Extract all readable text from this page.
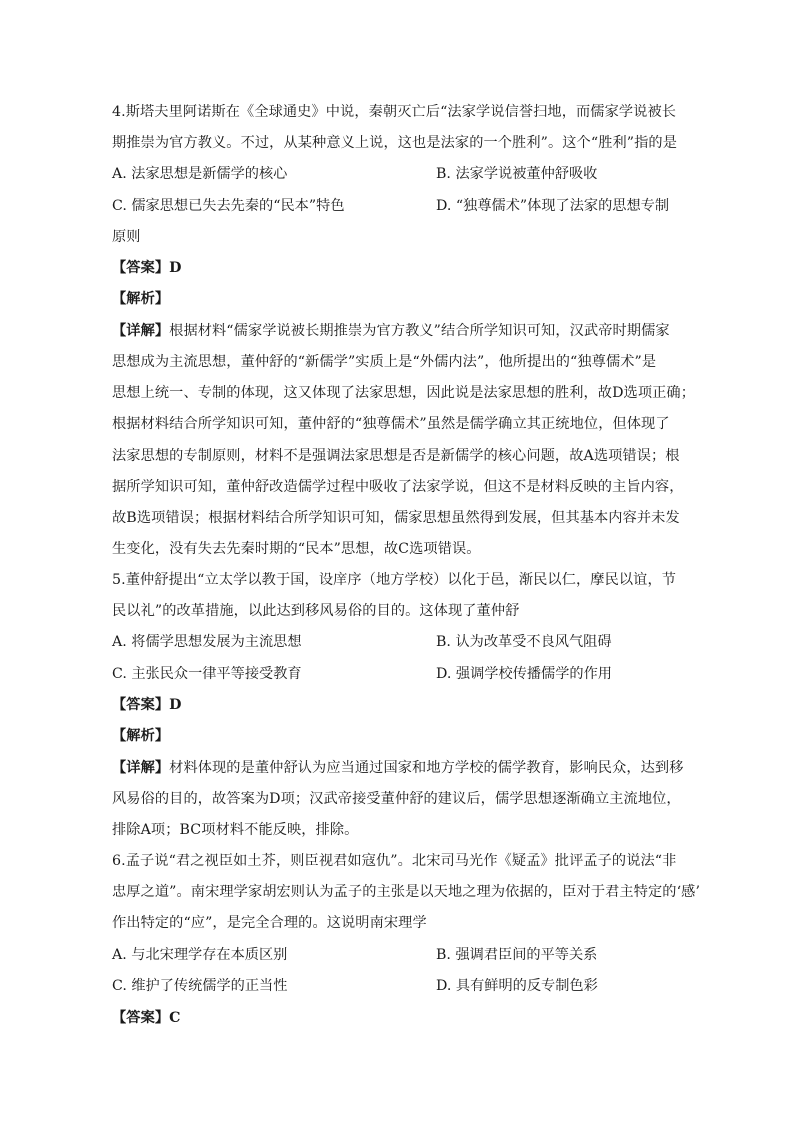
4.斯塔夫里阿诺斯在《全球通史》中说，秦朝灭亡后“法家学说信誉扫地，而儒家学说被长
期推崇为官方教义。不过，从某种意义上说，这也是法家的一个胜利”。这个“胜利”指的是
A. 法家思想是新儒学的核心	B. 法家学说被董仲舒吸收
C. 儒家思想已失去先秦的“民本”特色	D. “独尊儒术”体现了法家的思想专制
原则
【答案】D
【解析】
【详解】根据材料“儒家学说被长期推崇为官方教义”结合所学知识可知，汉武帝时期儒家
思想成为主流思想，董仲舒的“新儒学”实质上是“外儒内法”，他所提出的“独尊儒术”是
思想上统一、专制的体现，这又体现了法家思想，因此说是法家思想的胜利，故D选项正确；
根据材料结合所学知识可知，董仲舒的“独尊儒术”虽然是儒学确立其正统地位，但体现了
法家思想的专制原则，材料不是强调法家思想是否是新儒学的核心问题，故A选项错误；根
据所学知识可知，董仲舒改造儒学过程中吸收了法家学说，但这不是材料反映的主旨内容，
故B选项错误；根据材料结合所学知识可知，儒家思想虽然得到发展，但其基本内容并未发
生变化，没有失去先秦时期的“民本”思想，故C选项错误。
5.董仲舒提出“立太学以教于国，设庠序（地方学校）以化于邑，渐民以仁，摩民以谊，节
民以礼”的改革措施，以此达到移风易俗的目的。这体现了董仲舒
A. 将儒学思想发展为主流思想	B. 认为改革受不良风气阻碍
C. 主张民众一律平等接受教育	D. 强调学校传播儒学的作用
【答案】D
【解析】
【详解】材料体现的是董仲舒认为应当通过国家和地方学校的儒学教育，影响民众，达到移
风易俗的目的，故答案为D项；汉武帝接受董仲舒的建议后，儒学思想逐渐确立主流地位，
排除A项；BC项材料不能反映，排除。
6.孟子说“君之视臣如土芥，则臣视君如寇仇”。北宋司马光作《疑孟》批评孟子的说法“非
忠厚之道”。南宋理学家胡宏则认为孟子的主张是以天地之理为依据的，臣对于君主特定的‘感’
作出特定的“应”，是完全合理的。这说明南宋理学
A. 与北宋理学存在本质区别	B. 强调君臣间的平等关系
C. 维护了传统儒学的正当性	D. 具有鲜明的反专制色彩
【答案】C
